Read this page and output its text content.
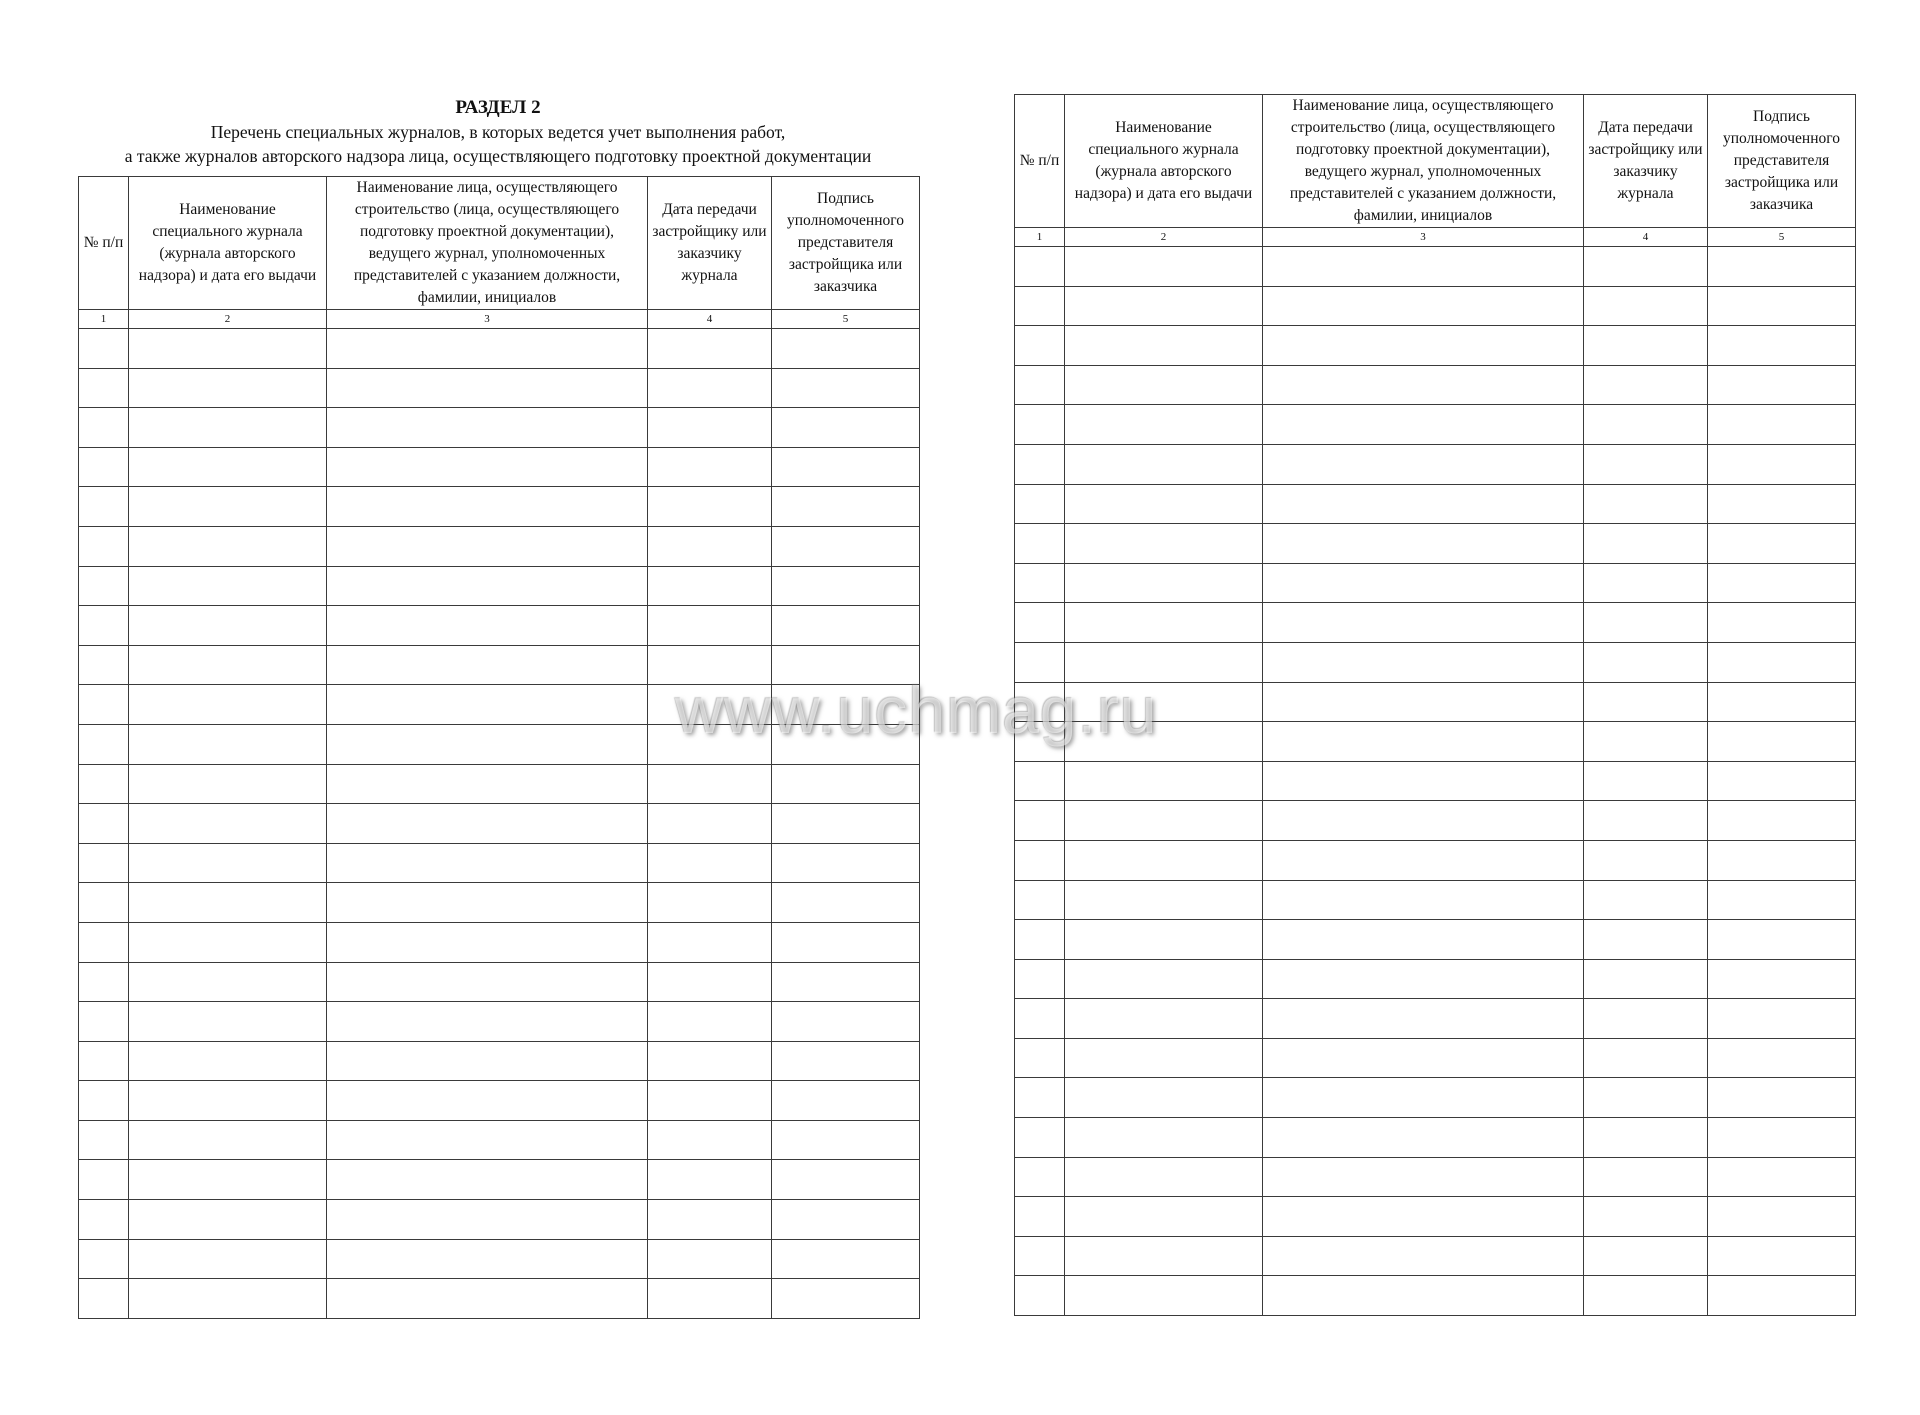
РАЗДЕЛ 2
Перечень специальных журналов, в которых ведется учет выполнения работ,
а также журналов авторского надзора лица, осуществляющего подготовку проектной документации
№ п/п	Наименование специального журнала (журнала авторского надзора) и дата его выдачи	Наименование лица, осуществляющего строительство (лица, осуществляющего подготовку проектной документации), ведущего журнал, уполномоченных представителей с указанием должности, фамилии, инициалов	Дата передачи застройщику или заказчику журнала	Подпись уполномоченного представителя застройщика или заказчика
1	2	3	4	5

№ п/п	Наименование специального журнала (журнала авторского надзора) и дата его выдачи	Наименование лица, осуществляющего строительство (лица, осуществляющего подготовку проектной документации), ведущего журнал, уполномоченных представителей с указанием должности, фамилии, инициалов	Дата передачи застройщику или заказчику журнала	Подпись уполномоченного представителя застройщика или заказчика
1	2	3	4	5

www.uchmag.ru
